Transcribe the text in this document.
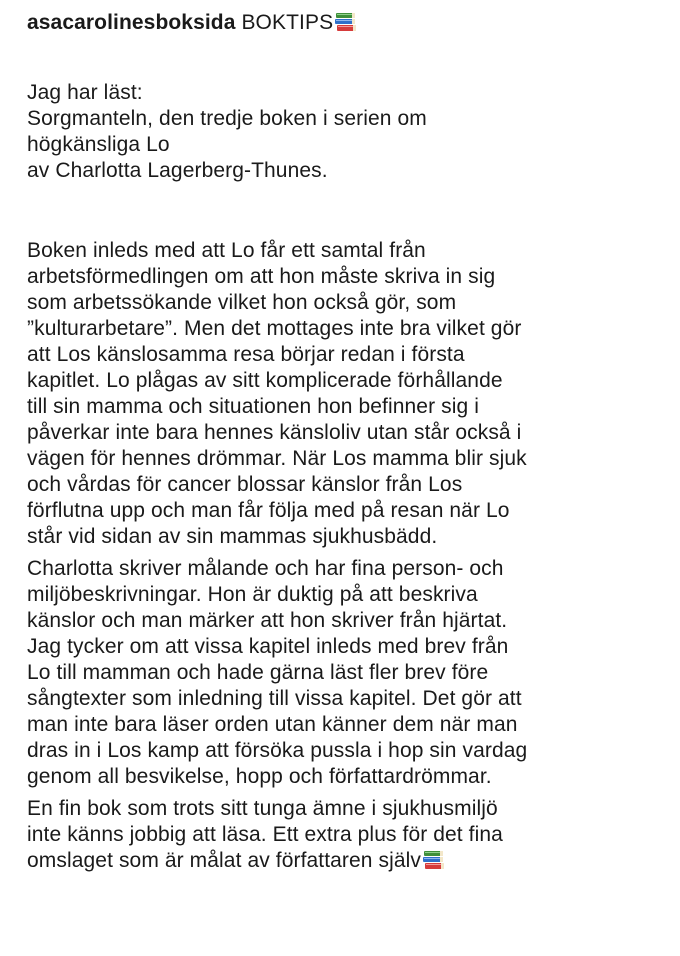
asacarolinesboksida BOKTIPS
Jag har läst:
Sorgmanteln, den tredje boken i serien om
högkänsliga Lo
av Charlotta Lagerberg-Thunes.
Boken inleds med att Lo får ett samtal från
arbetsförmedlingen om att hon måste skriva in sig
som arbetssökande vilket hon också gör, som
”kulturarbetare”. Men det mottages inte bra vilket gör
att Los känslosamma resa börjar redan i första
kapitlet. Lo plågas av sitt komplicerade förhållande
till sin mamma och situationen hon befinner sig i
påverkar inte bara hennes känsloliv utan står också i
vägen för hennes drömmar. När Los mamma blir sjuk
och vårdas för cancer blossar känslor från Los
förflutna upp och man får följa med på resan när Lo
står vid sidan av sin mammas sjukhusbädd.
Charlotta skriver målande och har fina person- och
miljöbeskrivningar. Hon är duktig på att beskriva
känslor och man märker att hon skriver från hjärtat.
Jag tycker om att vissa kapitel inleds med brev från
Lo till mamman och hade gärna läst fler brev före
sångtexter som inledning till vissa kapitel. Det gör att
man inte bara läser orden utan känner dem när man
dras in i Los kamp att försöka pussla i hop sin vardag
genom all besvikelse, hopp och författardrömmar.
En fin bok som trots sitt tunga ämne i sjukhusmiljö
inte känns jobbig att läsa. Ett extra plus för det fina
omslaget som är målat av författaren själv
